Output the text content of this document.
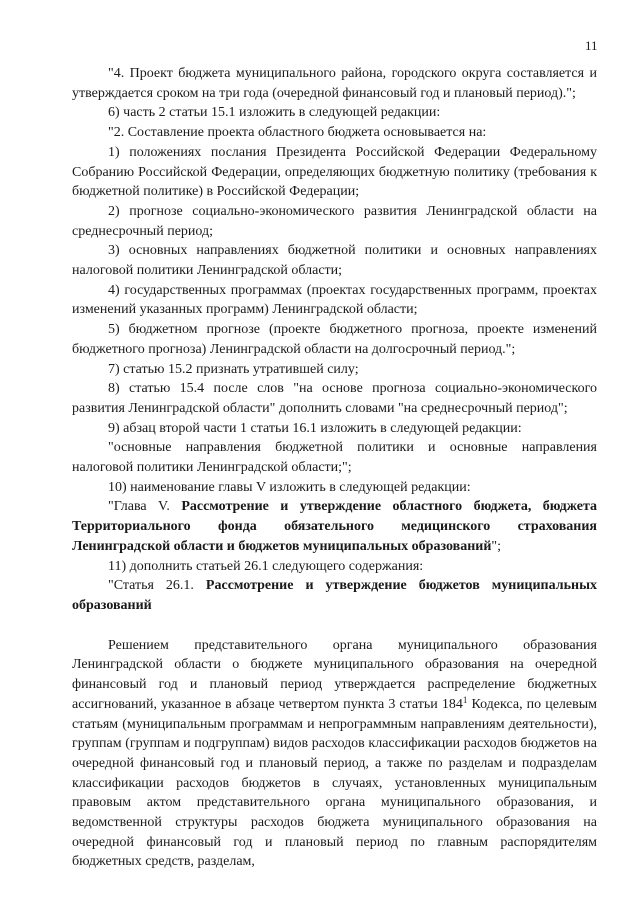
11

"4. Проект бюджета муниципального района, городского округа составляется и утверждается сроком на три года (очередной финансовый год и плановый период).";

6) часть 2 статьи 15.1 изложить в следующей редакции:

"2. Составление проекта областного бюджета основывается на:

1) положениях послания Президента Российской Федерации Федеральному Собранию Российской Федерации, определяющих бюджетную политику (требования к бюджетной политике) в Российской Федерации;

2) прогнозе социально-экономического развития Ленинградской области на среднесрочный период;

3) основных направлениях бюджетной политики и основных направлениях налоговой политики Ленинградской области;

4) государственных программах (проектах государственных программ, проектах изменений указанных программ) Ленинградской области;

5) бюджетном прогнозе (проекте бюджетного прогноза, проекте изменений бюджетного прогноза) Ленинградской области на долгосрочный период.";

7) статью 15.2 признать утратившей силу;

8) статью 15.4 после слов "на основе прогноза социально-экономического развития Ленинградской области" дополнить словами "на среднесрочный период";

9) абзац второй части 1 статьи 16.1 изложить в следующей редакции:

"основные направления бюджетной политики и основные направления налоговой политики Ленинградской области;";

10) наименование главы V изложить в следующей редакции:

"Глава V. Рассмотрение и утверждение областного бюджета, бюджета Территориального фонда обязательного медицинского страхования Ленинградской области и бюджетов муниципальных образований";

11) дополнить статьей 26.1 следующего содержания:

"Статья 26.1. Рассмотрение и утверждение бюджетов муниципальных образований

Решением представительного органа муниципального образования Ленинградской области о бюджете муниципального образования на очередной финансовый год и плановый период утверждается распределение бюджетных ассигнований, указанное в абзаце четвертом пункта 3 статьи $184^1$ Кодекса, по целевым статьям (муниципальным программам и непрограммным направлениям деятельности), группам (группам и подгруппам) видов расходов классификации расходов бюджетов на очередной финансовый год и плановый период, а также по разделам и подразделам классификации расходов бюджетов в случаях, установленных муниципальным правовым актом представительного органа муниципального образования, и ведомственной структуры расходов бюджета муниципального образования на очередной финансовый год и плановый период по главным распорядителям бюджетных средств, разделам,
